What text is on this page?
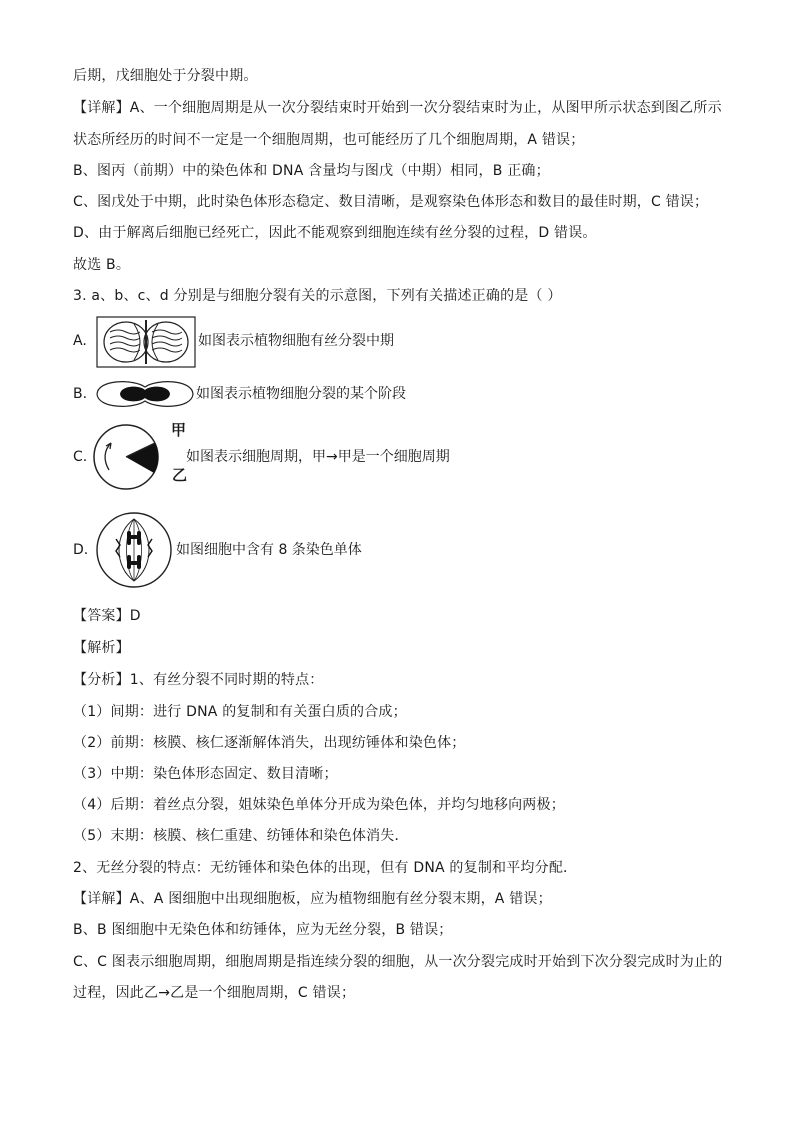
后期，戊细胞处于分裂中期。
【详解】A、一个细胞周期是从一次分裂结束时开始到一次分裂结束时为止，从图甲所示状态到图乙所示
状态所经历的时间不一定是一个细胞周期，也可能经历了几个细胞周期，A 错误；
B、图丙（前期）中的染色体和 DNA 含量均与图戊（中期）相同，B 正确；
C、图戊处于中期，此时染色体形态稳定、数目清晰，是观察染色体形态和数目的最佳时期，C 错误；
D、由于解离后细胞已经死亡，因此不能观察到细胞连续有丝分裂的过程，D 错误。
故选 B。
3. a、b、c、d 分别是与细胞分裂有关的示意图，下列有关描述正确的是（ ）
A.	如图表示植物细胞有丝分裂中期
B.	如图表示植物细胞分裂的某个阶段
C.
甲
乙
如图表示细胞周期，甲→甲是一个细胞周期
D.	如图细胞中含有 8 条染色单体
【答案】D
【解析】
【分析】1、有丝分裂不同时期的特点：
（1）间期：进行 DNA 的复制和有关蛋白质的合成；
（2）前期：核膜、核仁逐渐解体消失，出现纺锤体和染色体；
（3）中期：染色体形态固定、数目清晰；
（4）后期：着丝点分裂，姐妹染色单体分开成为染色体，并均匀地移向两极；
（5）末期：核膜、核仁重建、纺锤体和染色体消失．
2、无丝分裂的特点：无纺锤体和染色体的出现，但有 DNA 的复制和平均分配．
【详解】A、A 图细胞中出现细胞板，应为植物细胞有丝分裂末期，A 错误；
B、B 图细胞中无染色体和纺锤体，应为无丝分裂，B 错误；
C、C 图表示细胞周期，细胞周期是指连续分裂的细胞，从一次分裂完成时开始到下次分裂完成时为止的
过程，因此乙→乙是一个细胞周期，C 错误；
